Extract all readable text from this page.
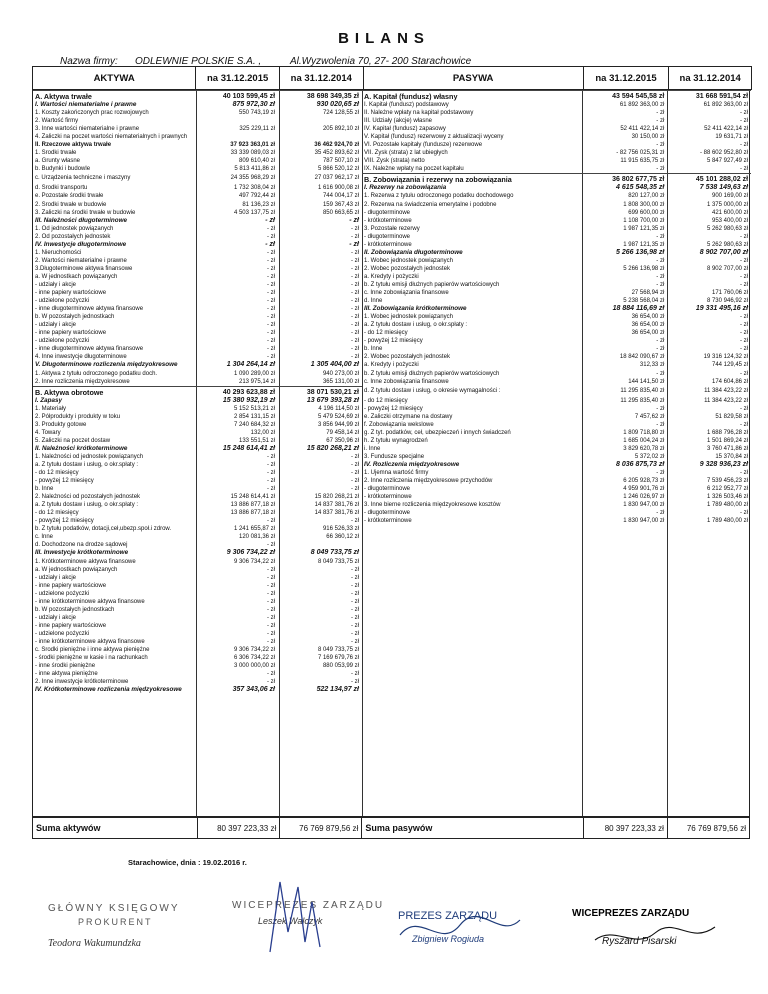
BILANS
Nazwa firmy: ODLEWNIE POLSKIE S.A. ,	Al.Wyzwolenia 70, 27- 200 Starachowice
AKTYWA	na 31.12.2015	na 31.12.2014	PASYWA	na 31.12.2015	na 31.12.2014
A. Aktywa trwałe	40 103 599,45 zł	38 698 349,35 zł
I. Wartości niematerialne i prawne	875 972,30 zł	930 020,65 zł
1. Koszty zakończonych prac rozwojowych	550 743,19 zł	724 128,55 zł
2. Wartość firmy
3. Inne wartości niematerialne i prawne	325 229,11 zł	205 892,10 zł
4. Zaliczki na poczet wartości niematerialnych i prawnych
II. Rzeczowe aktywa trwałe	37 923 363,01 zł	36 462 924,70 zł
1. Środki trwałe	33 339 089,03 zł	35 452 893,62 zł
a. Grunty własne	809 610,40 zł	787 507,10 zł
b. Budynki i budowle	5 813 411,86 zł	5 866 520,12 zł
c. Urządzenia techniczne i maszyny	24 355 968,29 zł	27 037 962,17 zł
d. Środki transportu	1 732 308,04 zł	1 616 900,08 zł
e. Pozostałe środki trwałe	497 792,44 zł	744 004,17 zł
2. Środki trwałe w budowie	81 136,23 zł	159 367,43 zł
3. Zaliczki na środki trwałe w budowie	4 503 137,75 zł	850 663,65 zł
III. Należności długoterminowe	- zł	- zł
1. Od jednostek powiązanych	- zł	- zł
2. Od pozostałych jednostek	- zł	- zł
IV. Inwestycje długoterminowe	- zł	- zł
1. Nieruchomości	- zł	- zł
2. Wartości niematerialne i prawne	- zł	- zł
3.Długoterminowe aktywa finansowe	- zł	- zł
a. W jednostkach powiązanych	- zł	- zł
- udziały i akcje	- zł	- zł
- inne papiery wartościowe	- zł	- zł
- udzielone pożyczki	- zł	- zł
- inne długoterminowe aktywa finansowe	- zł	- zł
b. W pozostałych jednostkach	- zł	- zł
- udziały i akcje	- zł	- zł
- inne papiery wartościowe	- zł	- zł
- udzielone pożyczki	- zł	- zł
- inne długoterminowe aktywa finansowe	- zł	- zł
4. Inne inwestycje długoterminowe	- zł	- zł
V. Długoterminowe rozliczenia międzyokresowe	1 304 264,14 zł	1 305 404,00 zł
1. Aktywa z tytułu odroczonego podatku doch.	1 090 289,00 zł	940 273,00 zł
2. Inne rozliczenia międzyokresowe	213 975,14 zł	365 131,00 zł
B. Aktywa obrotowe	40 293 623,88 zł	38 071 530,21 zł
I. Zapasy	15 380 932,19 zł	13 679 393,28 zł
1. Materiały	5 152 513,21 zł	4 196 114,50 zł
2. Półprodukty i produkty w toku	2 854 131,15 zł	5 479 524,69 zł
3. Produkty gotowe	7 240 684,32 zł	3 856 944,99 zł
4. Towary	132,00 zł	79 458,14 zł
5. Zaliczki na poczet dostaw	133 551,51 zł	67 350,96 zł
II. Należności krótkoterminowe	15 248 614,41 zł	15 820 268,21 zł
1. Należności od jednostek powiązanych	- zł	- zł
a. Z tytułu dostaw i usług, o okr.spłaty :	- zł	- zł
- do 12 miesięcy	- zł	- zł
- powyżej 12 miesięcy	- zł	- zł
b. Inne	- zł	- zł
2. Należności od pozostałych jednostek	15 248 614,41 zł	15 820 268,21 zł
a. Z tytułu dostaw i usług, o okr.spłaty :	13 886 877,18 zł	14 837 381,76 zł
- do 12 miesięcy	13 886 877,18 zł	14 837 381,76 zł
- powyżej 12 miesięcy	- zł	- zł
b. Z tytułu podatków, dotacji,ceł,ubezp.społ.i zdrow.	1 241 655,87 zł	916 526,33 zł
c. Inne	120 081,36 zł	66 360,12 zł
d. Dochodzone na drodze sądowej	- zł
III. Inwestycje krótkoterminowe	9 306 734,22 zł	8 049 733,75 zł
1. Krótkoterminowe aktywa finansowe	9 306 734,22 zł	8 049 733,75 zł
a. W jednostkach powiązanych	- zł	- zł
- udziały i akcje	- zł	- zł
- inne papiery wartościowe	- zł	- zł
- udzielone pożyczki	- zł	- zł
- inne krótkoterminowe aktywa finansowe	- zł	- zł
b. W pozostałych jednostkach	- zł	- zł
- udziały i akcje	- zł	- zł
- inne papiery wartościowe	- zł	- zł
- udzielone pożyczki	- zł	- zł
- inne krótkoterminowe aktywa finansowe	- zł	- zł
c. Środki pieniężne i inne aktywa pieniężne	9 306 734,22 zł	8 049 733,75 zł
- środki pieniężne w kasie i na rachunkach	6 306 734,22 zł	7 169 679,76 zł
- inne środki pieniężne	3 000 000,00 zł	880 053,99 zł
- inne aktywa pieniężne	- zł	- zł
2. Inne inwestycje krótkoterminowe	- zł	- zł
IV. Krótkoterminowe rozliczenia międzyokresowe	357 343,06 zł	522 134,97 zł
A. Kapitał (fundusz) własny	43 594 545,58 zł	31 668 591,54 zł
I. Kapitał (fundusz) podstawowy	61 892 363,00 zł	61 892 363,00 zł
II. Należne wpłaty na kapitał podstawowy	- zł	- zł
III. Udziały (akcje) własne	- zł	- zł
IV. Kapitał (fundusz) zapasowy	52 411 422,14 zł	52 411 422,14 zł
V. Kapitał (fundusz) rezerwowy z aktualizacji wyceny	30 150,00 zł	19 631,71 zł
VI. Pozostałe kapitały (fundusze) rezerwowe	- zł	- zł
VII. Zysk (strata) z lat ubiegłych	- 82 756 025,31 zł	- 88 602 952,80 zł
VIII. Zysk (strata) netto	11 915 635,75 zł	5 847 927,49 zł
IX. Należne wpłaty na poczet kapitału	- zł	- zł
B. Zobowiązania i rezerwy na zobowiązania	36 802 677,75 zł	45 101 288,02 zł
I. Rezerwy na zobowiązania	4 615 548,35 zł	7 538 149,63 zł
1. Rezerwa z tytułu odroczonego podatku dochodowego	820 127,00 zł	900 169,00 zł
2. Rezerwa na świadczenia emerytalne i podobne	1 808 300,00 zł	1 375 000,00 zł
- długoterminowe	699 600,00 zł	421 600,00 zł
- krótkoterminowe	1 108 700,00 zł	953 400,00 zł
3. Pozostałe rezerwy	1 987 121,35 zł	5 262 980,63 zł
- długoterminowe	- zł	- zł
- krótkoterminowe	1 987 121,35 zł	5 262 980,63 zł
II. Zobowiązania długoterminowe	5 266 136,98 zł	8 902 707,00 zł
1. Wobec jednostek powiązanych	- zł	- zł
2. Wobec pozostałych jednostek	5 266 136,98 zł	8 902 707,00 zł
a. Kredyty i pożyczki	- zł	- zł
b. Z tytułu emisji dłużnych papierów wartościowych	- zł	- zł
c. Inne zobowiązania finansowe	27 568,94 zł	171 760,06 zł
d. Inne	5 238 568,04 zł	8 730 946,92 zł
III. Zobowiązania krótkoterminowe	18 884 116,69 zł	19 331 495,16 zł
1. Wobec jednostek powiązanych	36 654,00 zł	- zł
a. Z tytułu dostaw i usług, o okr.spłaty :	36 654,00 zł	- zł
- do 12 miesięcy	36 654,00 zł	- zł
- powyżej 12 miesięcy	- zł	- zł
b. Inne	- zł	- zł
2. Wobec pozostałych jednostek	18 842 090,67 zł	19 316 124,32 zł
a. Kredyty i pożyczki	312,33 zł	744 129,45 zł
b. Z tytułu emisji dłużnych papierów wartościowych	- zł	- zł
c. Inne zobowiązania finansowe	144 141,50 zł	174 604,86 zł
d. Z tytułu dostaw i usług, o okresie wymagalności :	11 295 835,40 zł	11 384 423,22 zł
- do 12 miesięcy	11 295 835,40 zł	11 384 423,22 zł
- powyżej 12 miesięcy	- zł	- zł
e. Zaliczki otrzymane na dostawy	7 457,62 zł	51 829,58 zł
f. Zobowiązania wekslowe	- zł	- zł
g. Z tyt. podatków, ceł, ubezpieczeń i innych świadczeń	1 809 718,80 zł	1 688 796,28 zł
h. Z tytułu wynagrodzeń	1 685 004,24 zł	1 501 869,24 zł
i. Inne	3 829 620,78 zł	3 760 471,86 zł
3. Fundusze specjalne	5 372,02 zł	15 370,84 zł
IV. Rozliczenia międzyokresowe	8 036 875,73 zł	9 328 936,23 zł
1. Ujemna wartość firmy	- zł	- zł
2. Inne rozliczenia międzyokresowe przychodów	6 205 928,73 zł	7 539 456,23 zł
- długoterminowe	4 959 901,76 zł	6 212 952,77 zł
- krótkoterminowe	1 246 026,97 zł	1 326 503,46 zł
3. Inne bierne rozliczenia międzyokresowe kosztów	1 830 947,00 zł	1 789 480,00 zł
- długoterminowe	- zł	- zł
- krótkoterminowe	1 830 947,00 zł	1 789 480,00 zł
Suma aktywów	80 397 223,33 zł	76 769 879,56 zł Suma pasywów	80 397 223,33 zł	76 769 879,56 zł
Starachowice, dnia : 19.02.2016 r.
GŁÓWNY KSIĘGOWY
PROKURENT
Teodora Wakumundzka
WICEPREZES ZARZĄDU
Leszek Walczyk	PREZES ZARZĄDU
Zbigniew Rogiuda
WICEPREZES ZARZĄDU
Ryszard Pisarski
